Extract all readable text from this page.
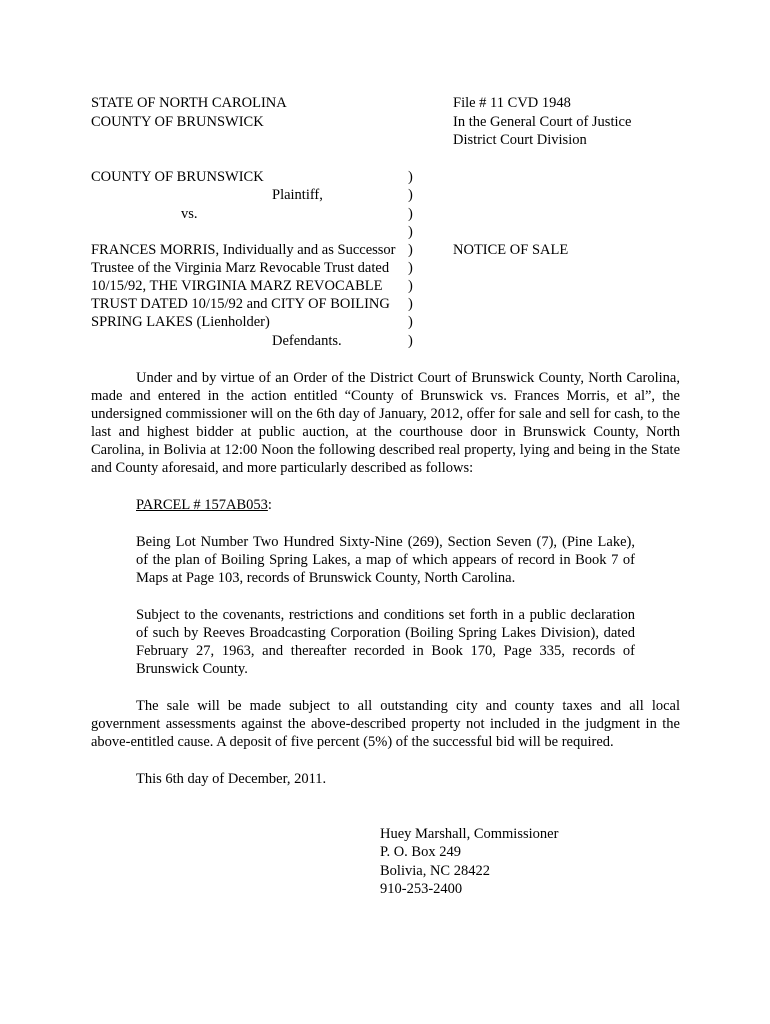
STATE OF NORTH CAROLINA
COUNTY OF BRUNSWICK
File # 11 CVD 1948
In the General Court of Justice
District Court Division
COUNTY OF BRUNSWICK
Plaintiff,
vs.
FRANCES MORRIS, Individually and as Successor
Trustee of the Virginia Marz Revocable Trust dated
10/15/92, THE VIRGINIA MARZ REVOCABLE
TRUST DATED 10/15/92 and CITY OF BOILING
SPRING LAKES (Lienholder)
Defendants.
)
)
)
)
)
)
)
)
)
)
NOTICE OF SALE
Under and by virtue of an Order of the District Court of Brunswick County, North Carolina, made and entered in the action entitled “County of Brunswick vs. Frances Morris, et al”, the undersigned commissioner will on the 6th day of January, 2012, offer for sale and sell for cash, to the last and highest bidder at public auction, at the courthouse door in Brunswick County, North Carolina, in Bolivia at 12:00 Noon the following described real property, lying and being in the State and County aforesaid, and more particularly described as follows:
PARCEL # 157AB053:
Being Lot Number Two Hundred Sixty-Nine (269), Section Seven (7), (Pine Lake), of the plan of Boiling Spring Lakes, a map of which appears of record in Book 7 of Maps at Page 103, records of Brunswick County, North Carolina.
Subject to the covenants, restrictions and conditions set forth in a public declaration of such by Reeves Broadcasting Corporation (Boiling Spring Lakes Division), dated February 27, 1963, and thereafter recorded in Book 170, Page 335, records of Brunswick County.
The sale will be made subject to all outstanding city and county taxes and all local government assessments against the above-described property not included in the judgment in the above-entitled cause. A deposit of five percent (5%) of the successful bid will be required.
This 6th day of December, 2011.
Huey Marshall, Commissioner
P. O. Box 249
Bolivia, NC 28422
910-253-2400
